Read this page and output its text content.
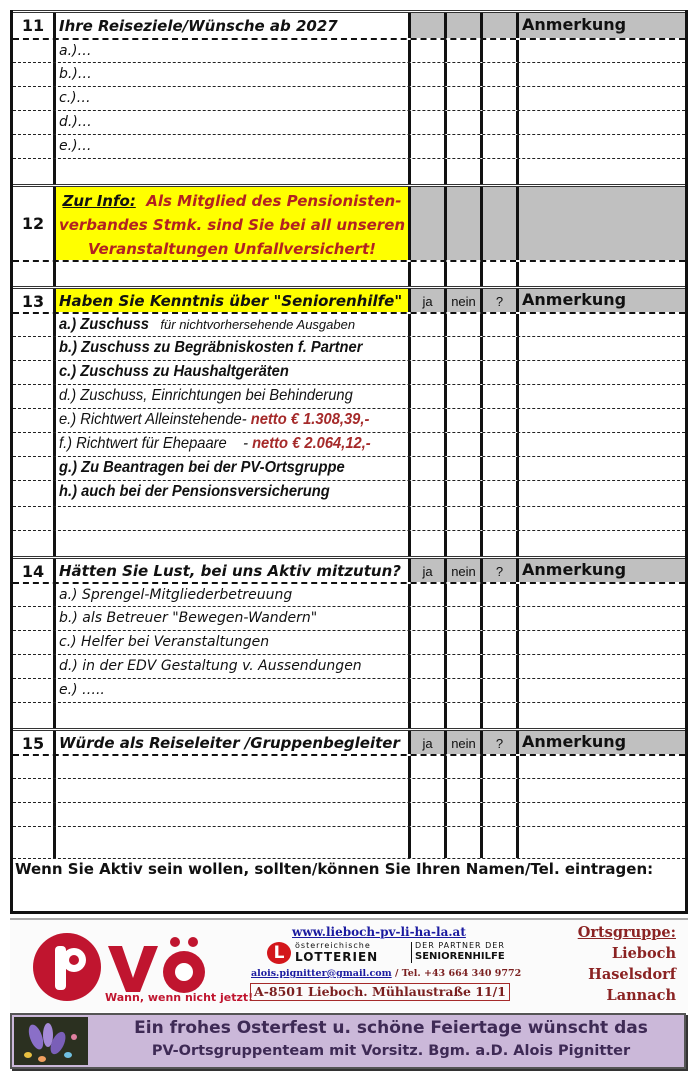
11 Ihre Reiseziele/Wünsche ab 2027	Anmerkung
a.)…
b.)…
c.)…
d.)…
e.)…
12
Zur Info: Als Mitglied des Pensionisten-verbandes Stmk. sind Sie bei all unseren Veranstaltungen Unfallversichert!
13 Haben Sie Kenntnis über "Seniorenhilfe"	ja	nein	?	Anmerkung
a.) Zuschuss für nichtvorhersehende Ausgaben
b.) Zuschuss zu Begräbniskosten f. Partner
c.) Zuschuss zu Haushaltgeräten
d.) Zuschuss, Einrichtungen bei Behinderung
e.) Richtwert Alleinstehende- netto € 1.308,39,-
f.) Richtwert für Ehepaare    - netto € 2.064,12,-
g.) Zu Beantragen bei der PV-Ortsgruppe
h.) auch bei der Pensionsversicherung
14 Hätten Sie Lust, bei uns Aktiv mitzutun?	ja	nein	?	Anmerkung
a.) Sprengel-Mitgliederbetreuung
b.) als Betreuer "Bewegen-Wandern"
c.) Helfer bei Veranstaltungen
d.) in der EDV Gestaltung v. Aussendungen
e.) …..
15 Würde als Reiseleiter /Gruppenbegleiter	ja	nein	?	Anmerkung
Wenn Sie Aktiv sein wollen, sollten/können Sie Ihren Namen/Tel. eintragen:
Wann, wenn nicht jetzt!
www.lieboch-pv-li-ha-la.at
L	österreichische
LOTTERIEN
DER PARTNER DER
SENIORENHILFE
alois.pignitter@gmail.com / Tel. +43 664 340 9772
A-8501 Lieboch. Mühlaustraße 11/1
Ortsgruppe:
Lieboch
Haselsdorf
Lannach
Ein frohes Osterfest u. schöne Feiertage wünscht das
PV-Ortsgruppenteam mit Vorsitz. Bgm. a.D. Alois Pignitter
